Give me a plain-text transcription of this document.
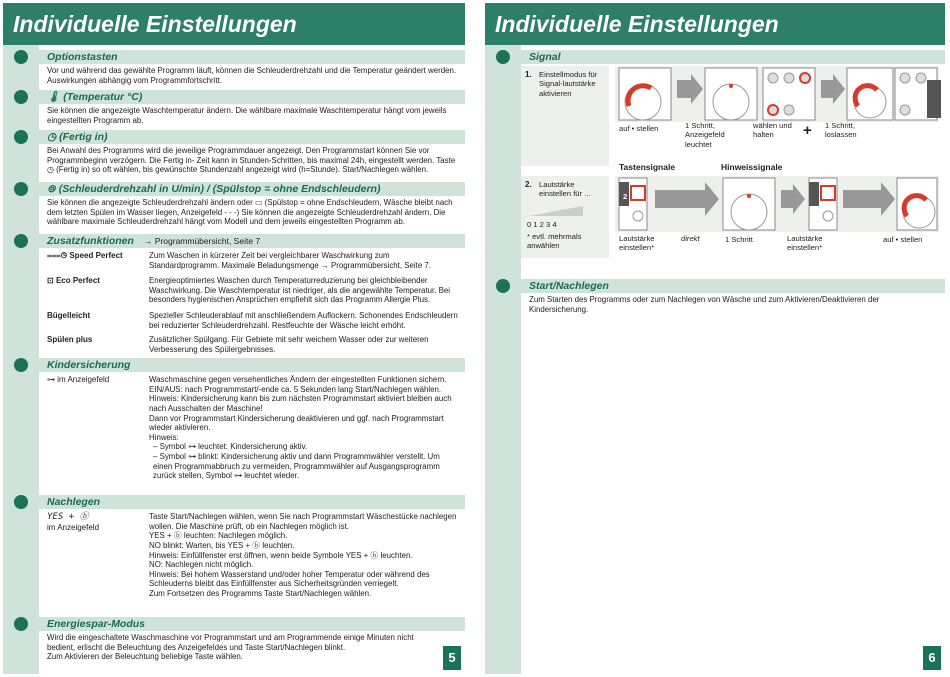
Individuelle Einstellungen
Optionstasten
Vor und während das gewählte Programm läuft, können die Schleuderdrehzahl und die Temperatur geändert werden. Auswirkungen abhängig vom Programmfortschritt.
🌡 (Temperatur °C)
Sie können die angezeigte Waschtemperatur ändern. Die wählbare maximale Waschtemperatur hängt vom jeweils eingestellten Programm ab.
◷ (Fertig in)
Bei Anwahl des Programms wird die jeweilige Programmdauer angezeigt. Den Programmstart können Sie vor Programmbeginn verzögern. Die Fertig in- Zeit kann in Stunden-Schritten, bis maximal 24h, eingestellt werden. Taste ◷ (Fertig in) so oft wählen, bis gewünschte Stundenzahl angezeigt wird (h=Stunde). Start/Nachlegen wählen.
⊚ (Schleuderdrehzahl in U/min) / (Spülstop = ohne Endschleudern)
Sie können die angezeigte Schleuderdrehzahl ändern oder ▭ (Spülstop = ohne Endschleudern, Wäsche bleibt nach dem letzten Spülen im Wasser liegen, Anzeigefeld - - -) Sie können die angezeigte Schleuderdrehzahl ändern. Die wählbare maximale Schleuderdrehzahl hängt vom Modell und dem jeweils eingestellten Programm ab.
Zusatzfunktionen → Programmübersicht, Seite 7
⩶◷ Speed Perfect	Zum Waschen in kürzerer Zeit bei vergleichbarer Waschwirkung zum Standardprogramm. Maximale Beladungsmenge → Programmübersicht, Seite 7.
⊡ Eco Perfect	Energieoptimiertes Waschen durch Temperaturreduzierung bei gleichbleibender Waschwirkung. Die Waschtemperatur ist niedriger, als die angewählte Temperatur. Bei besonders hygienischen Ansprüchen empfiehlt sich das Programm Allergie Plus.
Bügelleicht	Spezieller Schleuderablauf mit anschließendem Auflockern. Schonendes Endschleudern bei reduzierter Schleuderdrehzahl. Restfeuchte der Wäsche leicht erhöht.
Spülen plus	Zusätzlicher Spülgang. Für Gebiete mit sehr weichem Wasser oder zur weiteren Verbesserung des Spülergebnisses.
Kindersicherung
⊶ im Anzeigefeld	Waschmaschine gegen versehentliches Ändern der eingestellten Funktionen sichern.
EIN/AUS: nach Programmstart/-ende ca. 5 Sekunden lang Start/Nachlegen wählen.
Hinweis: Kindersicherung kann bis zum nächsten Programmstart aktiviert bleiben auch nach Ausschalten der Maschine!
Dann vor Programmstart Kindersicherung deaktivieren und ggf. nach Programmstart wieder aktivieren.
Hinweis:
– Symbol ⊶ leuchtet: Kindersicherung aktiv.
– Symbol ⊶ blinkt: Kindersicherung aktiv und dann Programmwähler verstellt. Um einen Programmabbruch zu vermeiden, Programmwähler auf Ausgangsprogramm zurück stellen, Symbol ⊶ leuchtet wieder.
Nachlegen
YES + ⓑ
im Anzeigefeld
Taste Start/Nachlegen wählen, wenn Sie nach Programmstart Wäschestücke nachlegen wollen. Die Maschine prüft, ob ein Nachlegen möglich ist.
YES + ⓑ leuchten: Nachlegen möglich.
NO blinkt: Warten, bis YES + ⓑ leuchten.
Hinweis: Einfüllfenster erst öffnen, wenn beide Symbole YES + ⓑ leuchten.
NO: Nachlegen nicht möglich.
Hinweis: Bei hohem Wasserstand und/oder hoher Temperatur oder während des Schleuderns bleibt das Einfüllfenster aus Sicherheitsgründen verriegelt.
Zum Fortsetzen des Programms Taste Start/Nachlegen wählen.
Energiespar-Modus
Wird die eingeschaltete Waschmaschine vor Programmstart und am Programmende einige Minuten nicht bedient, erlischt die Beleuchtung des Anzeigefeldes und Taste Start/Nachlegen blinkt.
Zum Aktivieren der Beleuchtung beliebige Taste wählen.	5
Individuelle Einstellungen
Signal
1. Einstellmodus für Signal-lautstärke aktivieren	3
auf • stellen	1 Schritt, Anzeigefeld leuchtet
wählen und halten	+ 1 Schritt, loslassen
Tastensignale	Hinweissignale
2. Lautstärke einstellen für ...
0 1 2 3 4
* evtl. mehrmals anwählen
2
Lautstärke einstellen*
direkt	1 Schritt	Lautstärke einstellen*
auf • stellen
Start/Nachlegen
Zum Starten des Programms oder zum Nachlegen von Wäsche und zum Aktivieren/Deaktivieren der Kindersicherung.
6
